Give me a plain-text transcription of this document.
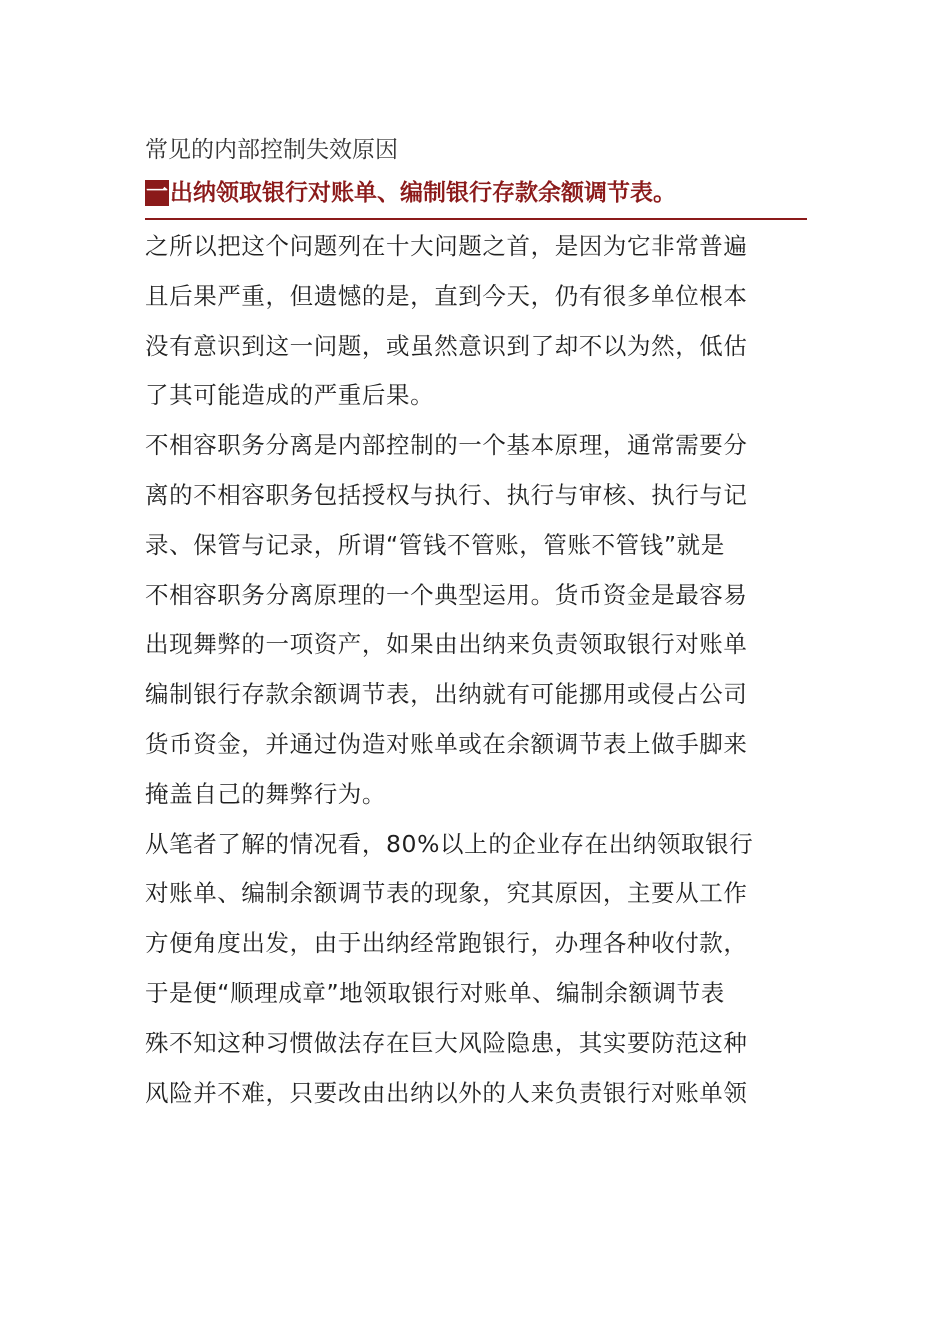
常见的内部控制失效原因
一 出纳领取银行对账单、编制银行存款余额调节表。

之所以把这个问题列在十大问题之首，是因为它非常普遍
且后果严重，但遗憾的是，直到今天，仍有很多单位根本
没有意识到这一问题，或虽然意识到了却不以为然，低估
了其可能造成的严重后果。

不相容职务分离是内部控制的一个基本原理，通常需要分
离的不相容职务包括授权与执行、执行与审核、执行与记
录、保管与记录，所谓“管钱不管账，管账不管钱”就是
不相容职务分离原理的一个典型运用。货币资金是最容易
出现舞弊的一项资产，如果由出纳来负责领取银行对账单
编制银行存款余额调节表，出纳就有可能挪用或侵占公司
货币资金，并通过伪造对账单或在余额调节表上做手脚来
掩盖自己的舞弊行为。

从笔者了解的情况看，80%以上的企业存在出纳领取银行
对账单、编制余额调节表的现象，究其原因，主要从工作
方便角度出发，由于出纳经常跑银行，办理各种收付款，
于是便“顺理成章”地领取银行对账单、编制余额调节表
殊不知这种习惯做法存在巨大风险隐患，其实要防范这种
风险并不难，只要改由出纳以外的人来负责银行对账单领
